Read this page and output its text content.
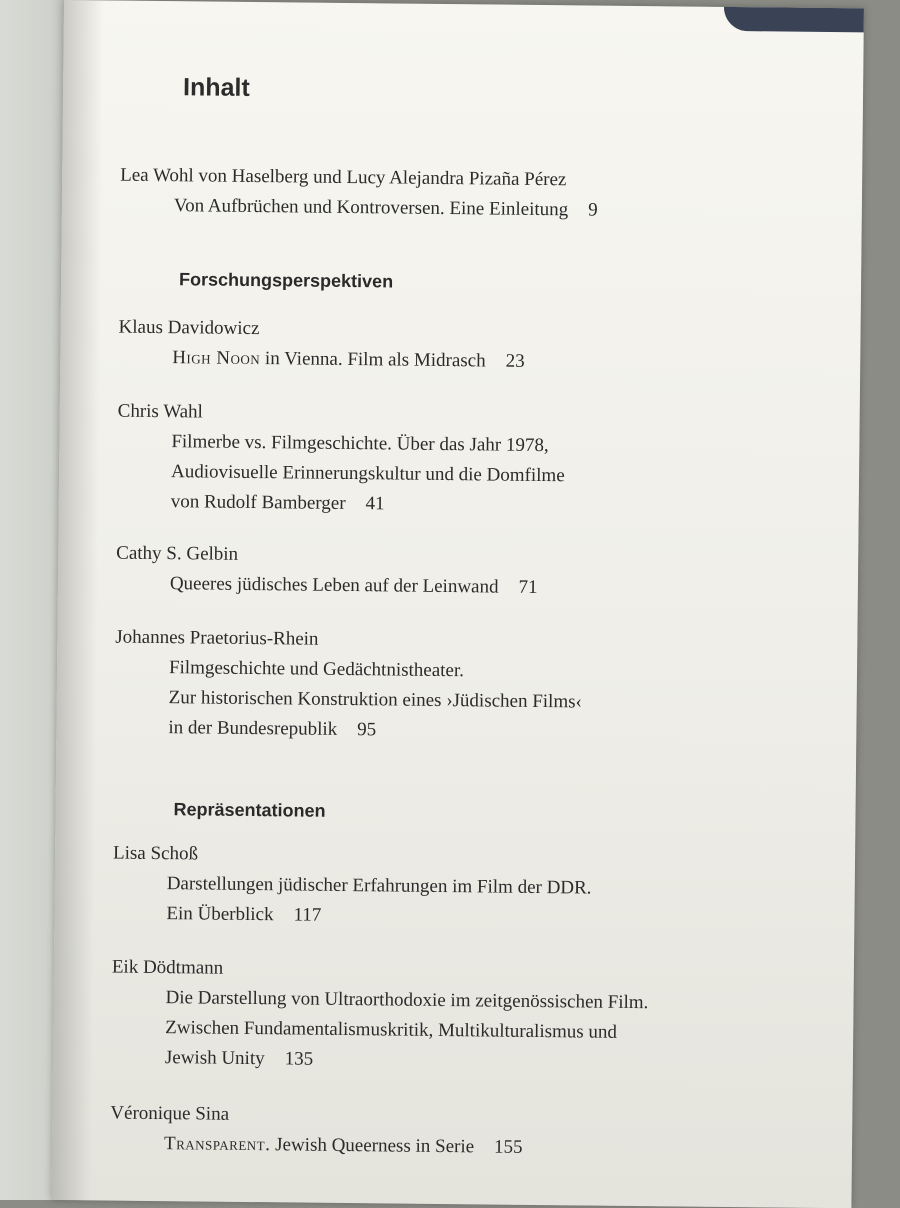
Inhalt
Lea Wohl von Haselberg und Lucy Alejandra Pizaña Pérez
Von Aufbrüchen und Kontroversen. Eine Einleitung 9
Forschungsperspektiven
Klaus Davidowicz
High Noon in Vienna. Film als Midrasch 23
Chris Wahl
Filmerbe vs. Filmgeschichte. Über das Jahr 1978,
Audiovisuelle Erinnerungskultur und die Domfilme
von Rudolf Bamberger 41
Cathy S. Gelbin
Queeres jüdisches Leben auf der Leinwand 71
Johannes Praetorius-Rhein
Filmgeschichte und Gedächtnistheater.
Zur historischen Konstruktion eines ›Jüdischen Films‹
in der Bundesrepublik 95
Repräsentationen
Lisa Schoß
Darstellungen jüdischer Erfahrungen im Film der DDR.
Ein Überblick 117
Eik Dödtmann
Die Darstellung von Ultraorthodoxie im zeitgenössischen Film.
Zwischen Fundamentalismuskritik, Multikulturalismus und
Jewish Unity 135
Véronique Sina
Transparent. Jewish Queerness in Serie 155
